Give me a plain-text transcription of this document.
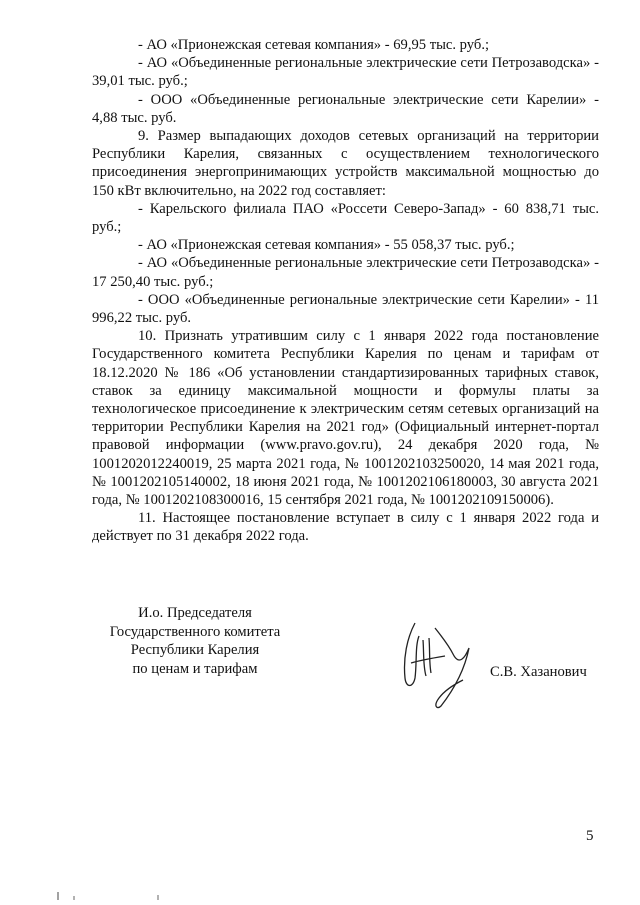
- АО «Прионежская сетевая компания» - 69,95 тыс. руб.;

- АО «Объединенные региональные электрические сети Петрозаводска» - 39,01 тыс. руб.;

- ООО «Объединенные региональные электрические сети Карелии» - 4,88 тыс. руб.

9. Размер выпадающих доходов сетевых организаций на территории Республики Карелия, связанных с осуществлением технологического присоединения энергопринимающих устройств максимальной мощностью до 150 кВт включительно, на 2022 год составляет:

- Карельского филиала ПАО «Россети Северо-Запад» - 60 838,71 тыс. руб.;

- АО «Прионежская сетевая компания» - 55 058,37 тыс. руб.;

- АО «Объединенные региональные электрические сети Петрозаводска» - 17 250,40 тыс. руб.;

- ООО «Объединенные региональные электрические сети Карелии» - 11 996,22 тыс. руб.

10. Признать утратившим силу с 1 января 2022 года постановление Государственного комитета Республики Карелия по ценам и тарифам от 18.12.2020 № 186 «Об установлении стандартизированных тарифных ставок, ставок за единицу максимальной мощности и формулы платы за технологическое присоединение к электрическим сетям сетевых организаций на территории Республики Карелия на 2021 год» (Официальный интернет-портал правовой информации (www.pravo.gov.ru), 24 декабря 2020 года, № 1001202012240019, 25 марта 2021 года, № 1001202103250020, 14 мая 2021 года, № 1001202105140002, 18 июня 2021 года, № 1001202106180003, 30 августа 2021 года, № 1001202108300016, 15 сентября 2021 года, № 1001202109150006).

11. Настоящее постановление вступает в силу с 1 января 2022 года и действует по 31 декабря 2022 года.

И.о. Председателя
Государственного комитета
Республики Карелия
по ценам и тарифам	С.В. Хазанович
5
